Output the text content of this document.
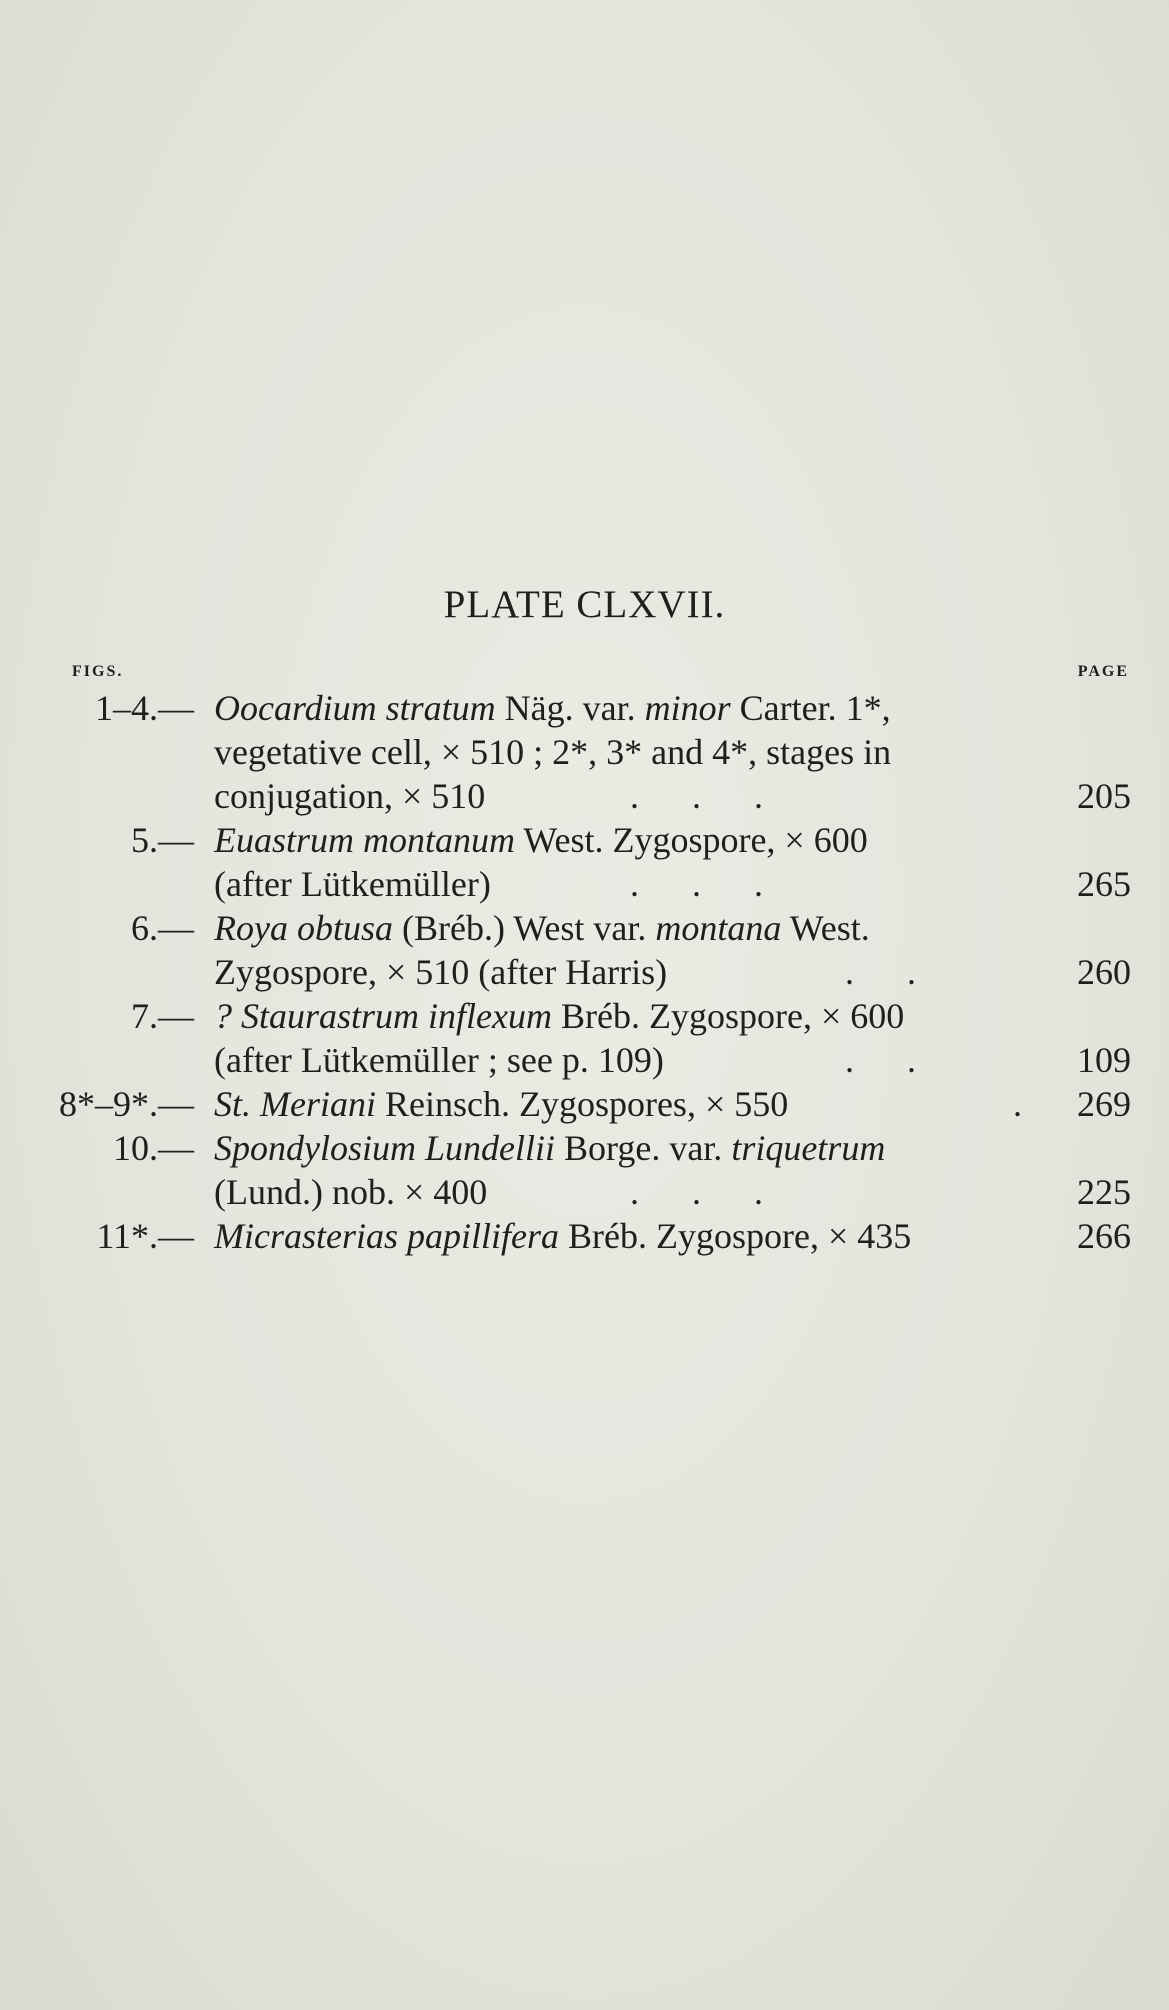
PLATE CLXVII.
FIGS.	PAGE
1–4.— Oocardium stratum Näg. var. minor Carter. 1*,
vegetative cell, × 510 ; 2*, 3* and 4*, stages in
conjugation, × 510	. . .	205
5.— Euastrum montanum West. Zygospore, × 600
(after Lütkemüller)	. . .	265
6.— Roya obtusa (Bréb.) West var. montana West.
Zygospore, × 510 (after Harris)	. .	260
7.— ? Staurastrum inflexum Bréb. Zygospore, × 600
(after Lütkemüller ; see p. 109)	. .	109
8*–9*.— St. Meriani Reinsch. Zygospores, × 550	. 269
10.— Spondylosium Lundellii Borge. var. triquetrum
(Lund.) nob. × 400	. . .	225
11*.— Micrasterias papillifera Bréb. Zygospore, × 435	266
